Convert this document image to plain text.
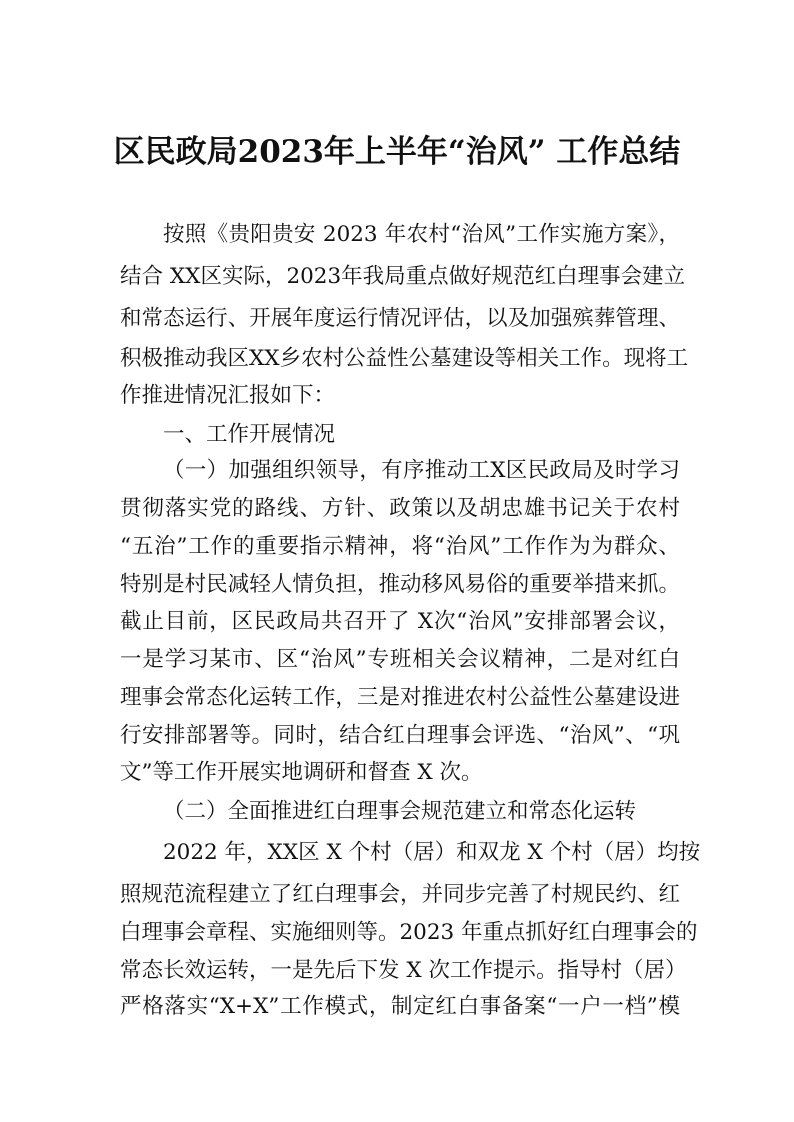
区民政局2023年上半年“治风” 工作总结
按照《贵阳贵安 2023 年农村“治风”工作实施方案》，
结合 XX区实际，2023年我局重点做好规范红白理事会建立
和常态运行、开展年度运行情况评估，以及加强殡葬管理、
积极推动我区XX乡农村公益性公墓建设等相关工作。现将工
作推进情况汇报如下：
一、工作开展情况
（一）加强组织领导，有序推动工X区民政局及时学习
贯彻落实党的路线、方针、政策以及胡忠雄书记关于农村
“五治”工作的重要指示精神，将“治风”工作作为为群众、
特别是村民减轻人情负担，推动移风易俗的重要举措来抓。
截止目前，区民政局共召开了 X次“治风”安排部署会议，
一是学习某市、区“治风”专班相关会议精神，二是对红白
理事会常态化运转工作，三是对推进农村公益性公墓建设进
行安排部署等。同时，结合红白理事会评选、“治风”、“巩
文”等工作开展实地调研和督查 X 次。
（二）全面推进红白理事会规范建立和常态化运转
2022 年，XX区 X 个村（居）和双龙 X 个村（居）均按
照规范流程建立了红白理事会，并同步完善了村规民约、红
白理事会章程、实施细则等。2023 年重点抓好红白理事会的
常态长效运转，一是先后下发 X 次工作提示。指导村（居）
严格落实“X+X”工作模式，制定红白事备案“一户一档”模
